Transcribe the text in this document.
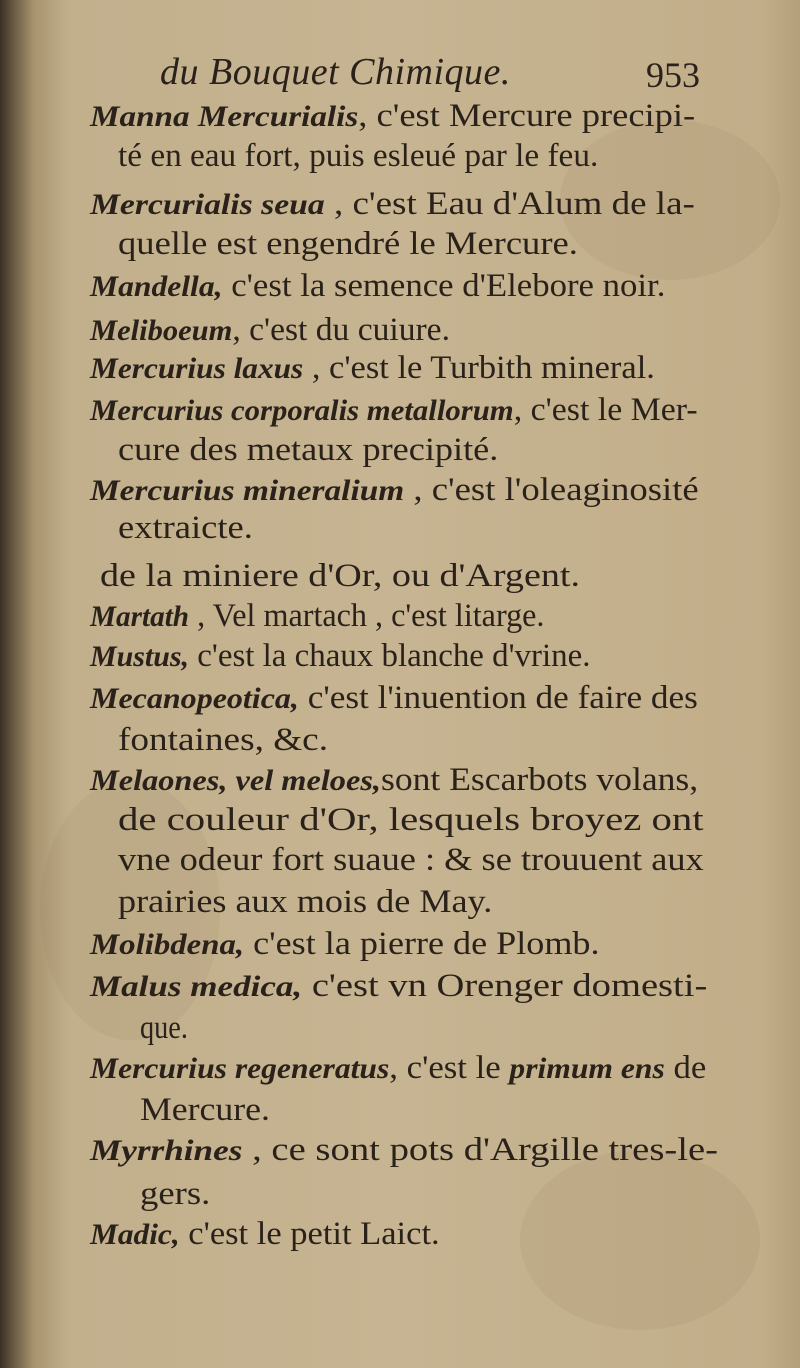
du Bouquet Chimique.	953
Manna Mercurialis, c'est Mercure precipi-
té en eau fort, puis esleué par le feu.
Mercurialis seua , c'est Eau d'Alum de la-
quelle est engendré le Mercure.
Mandella, c'est la semence d'Elebore noir.
Meliboeum, c'est du cuiure.
Mercurius laxus , c'est le Turbith mineral.
Mercurius corporalis metallorum, c'est le Mer-
cure des metaux precipité.
Mercurius mineralium , c'est l'oleaginosité
extraicte.
de la miniere d'Or, ou d'Argent.
Martath , Vel martach , c'est litarge.
Mustus, c'est la chaux blanche d'vrine.
Mecanopeotica, c'est l'inuention de faire des
fontaines, &c.
Melaones, vel meloes,sont Escarbots volans,
de couleur d'Or, lesquels broyez ont
vne odeur fort suaue : & se trouuent aux
prairies aux mois de May.
Molibdena, c'est la pierre de Plomb.
Malus medica, c'est vn Orenger domesti-
que.
Mercurius regeneratus, c'est le primum ens de
Mercure.
Myrrhines , ce sont pots d'Argille tres-le-
gers.
Madic, c'est le petit Laict.
